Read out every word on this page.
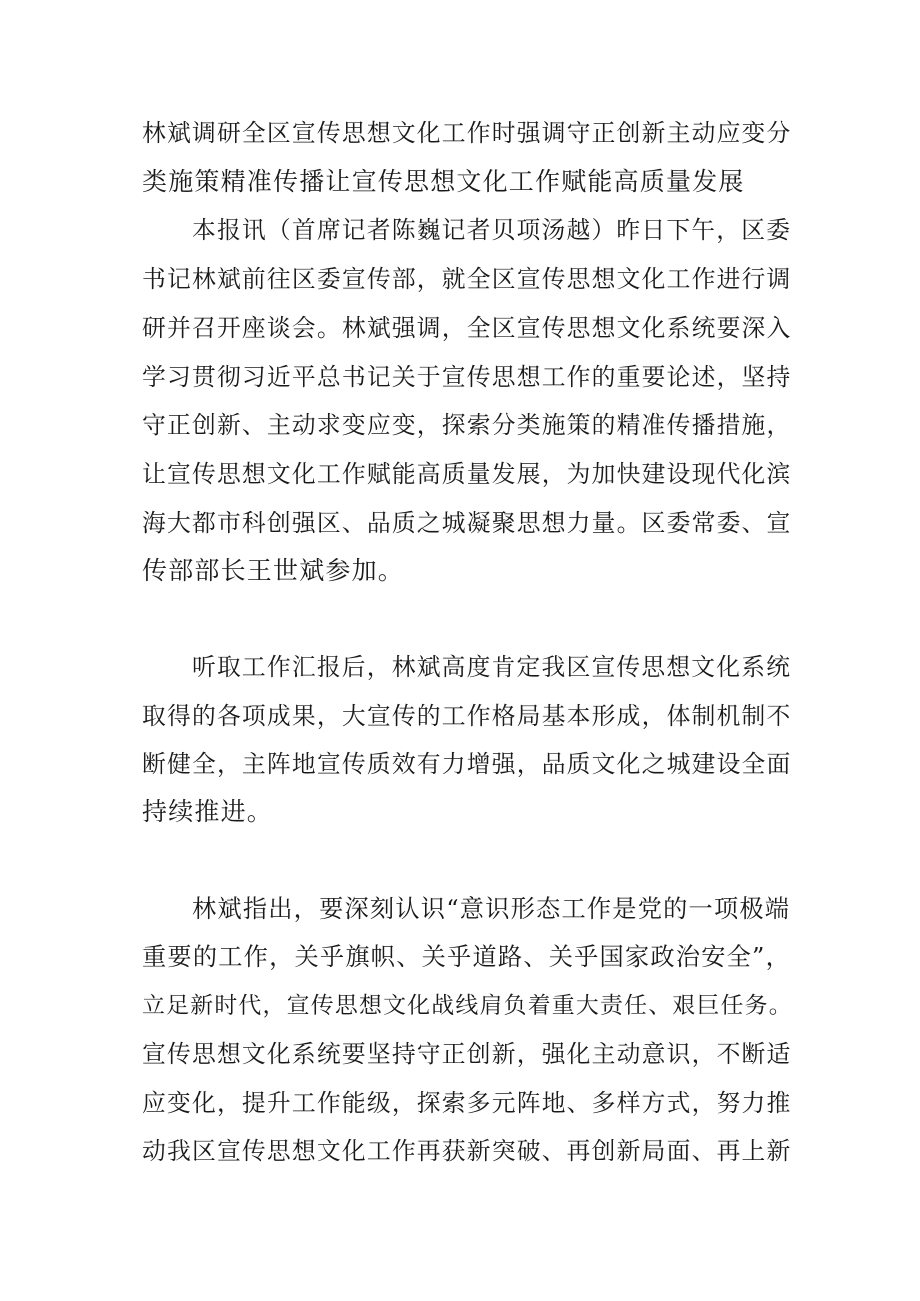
林斌调研全区宣传思想文化工作时强调守正创新主动应变分
类施策精准传播让宣传思想文化工作赋能高质量发展
本报讯（首席记者陈巍记者贝项汤越）昨日下午，区委
书记林斌前往区委宣传部，就全区宣传思想文化工作进行调
研并召开座谈会。林斌强调，全区宣传思想文化系统要深入
学习贯彻习近平总书记关于宣传思想工作的重要论述，坚持
守正创新、主动求变应变，探索分类施策的精准传播措施，
让宣传思想文化工作赋能高质量发展，为加快建设现代化滨
海大都市科创强区、品质之城凝聚思想力量。区委常委、宣
传部部长王世斌参加。
听取工作汇报后，林斌高度肯定我区宣传思想文化系统
取得的各项成果，大宣传的工作格局基本形成，体制机制不
断健全，主阵地宣传质效有力增强，品质文化之城建设全面
持续推进。
林斌指出，要深刻认识“意识形态工作是党的一项极端
重要的工作，关乎旗帜、关乎道路、关乎国家政治安全”，
立足新时代，宣传思想文化战线肩负着重大责任、艰巨任务。
宣传思想文化系统要坚持守正创新，强化主动意识，不断适
应变化，提升工作能级，探索多元阵地、多样方式，努力推
动我区宣传思想文化工作再获新突破、再创新局面、再上新
